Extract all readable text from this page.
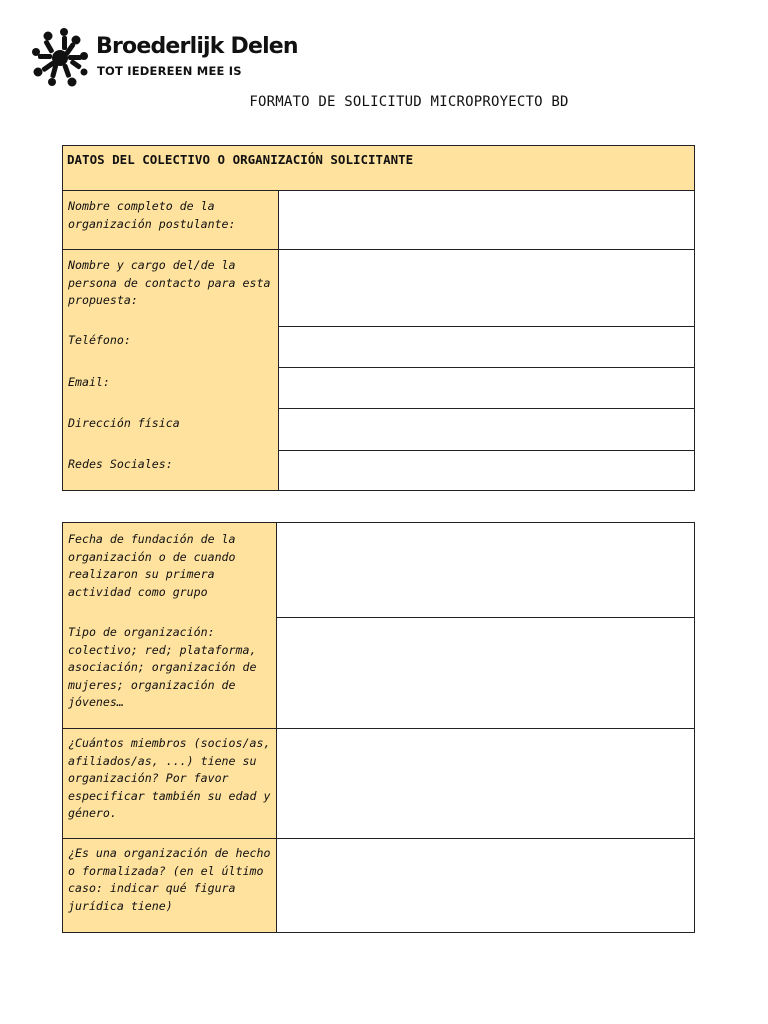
Broederlijk Delen
TOT IEDEREEN MEE IS
FORMATO DE SOLICITUD MICROPROYECTO BD
DATOS DEL COLECTIVO O ORGANIZACIÓN SOLICITANTE
Nombre completo de la
organización postulante:
Nombre y cargo del/de la
persona de contacto para esta
propuesta:
Teléfono:
Email:
Dirección física
Redes Sociales:
Fecha de fundación de la
organización o de cuando
realizaron su primera
actividad como grupo
Tipo de organización:
colectivo; red; plataforma,
asociación; organización de
mujeres; organización de
jóvenes…
¿Cuántos miembros (socios/as,
afiliados/as, ...) tiene su
organización? Por favor
especificar también su edad y
género.
¿Es una organización de hecho
o formalizada? (en el último
caso: indicar qué figura
jurídica tiene)
